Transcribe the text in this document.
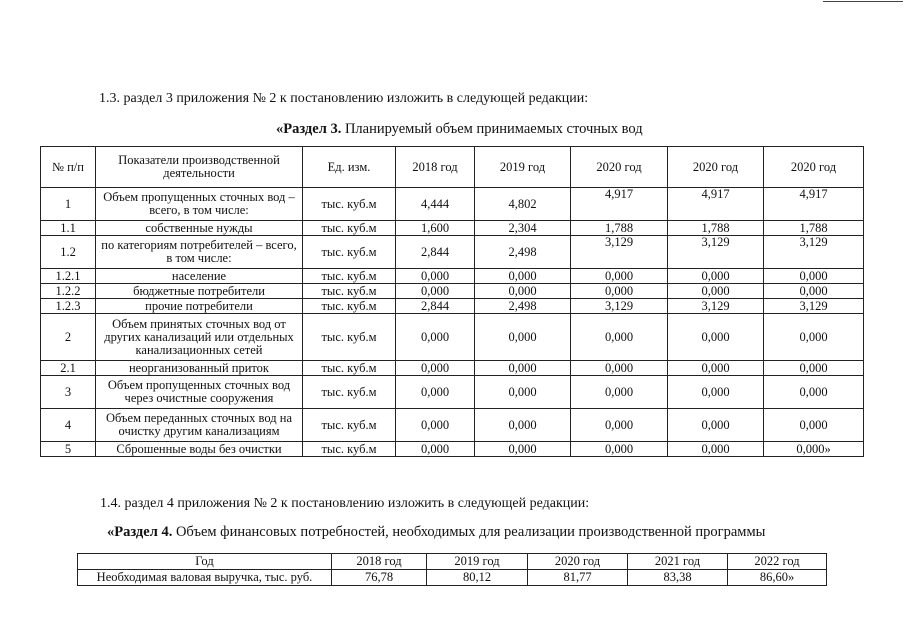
1.3. раздел 3 приложения № 2 к постановлению изложить в следующей редакции:
«Раздел 3. Планируемый объем принимаемых сточных вод
№ п/п	Показатели производственной деятельности	Ед. изм.	2018 год	2019 год	2020 год	2020 год	2020 год
1	Объем пропущенных сточных вод – всего, в том числе:	тыс. куб.м	4,444	4,802	4,917	4,917	4,917
1.1	собственные нужды	тыс. куб.м	1,600	2,304	1,788	1,788	1,788
1.2	по категориям потребителей – всего, в том числе:	тыс. куб.м	2,844	2,498	3,129	3,129	3,129
1.2.1	население	тыс. куб.м	0,000	0,000	0,000	0,000	0,000
1.2.2	бюджетные потребители	тыс. куб.м	0,000	0,000	0,000	0,000	0,000
1.2.3	прочие потребители	тыс. куб.м	2,844	2,498	3,129	3,129	3,129
2	Объем принятых сточных вод от других канализаций или отдельных канализационных сетей	тыс. куб.м	0,000	0,000	0,000	0,000	0,000
2.1	неорганизованный приток	тыс. куб.м	0,000	0,000	0,000	0,000	0,000
3	Объем пропущенных сточных вод через очистные сооружения	тыс. куб.м	0,000	0,000	0,000	0,000	0,000
4	Объем переданных сточных вод на очистку другим канализациям	тыс. куб.м	0,000	0,000	0,000	0,000	0,000
5	Сброшенные воды без очистки	тыс. куб.м	0,000	0,000	0,000	0,000	0,000»
1.4. раздел 4 приложения № 2 к постановлению изложить в следующей редакции:
«Раздел 4. Объем финансовых потребностей, необходимых для реализации производственной программы
Год	2018 год	2019 год	2020 год	2021 год	2022 год
Необходимая валовая выручка, тыс. руб.	76,78	80,12	81,77	83,38	86,60»
